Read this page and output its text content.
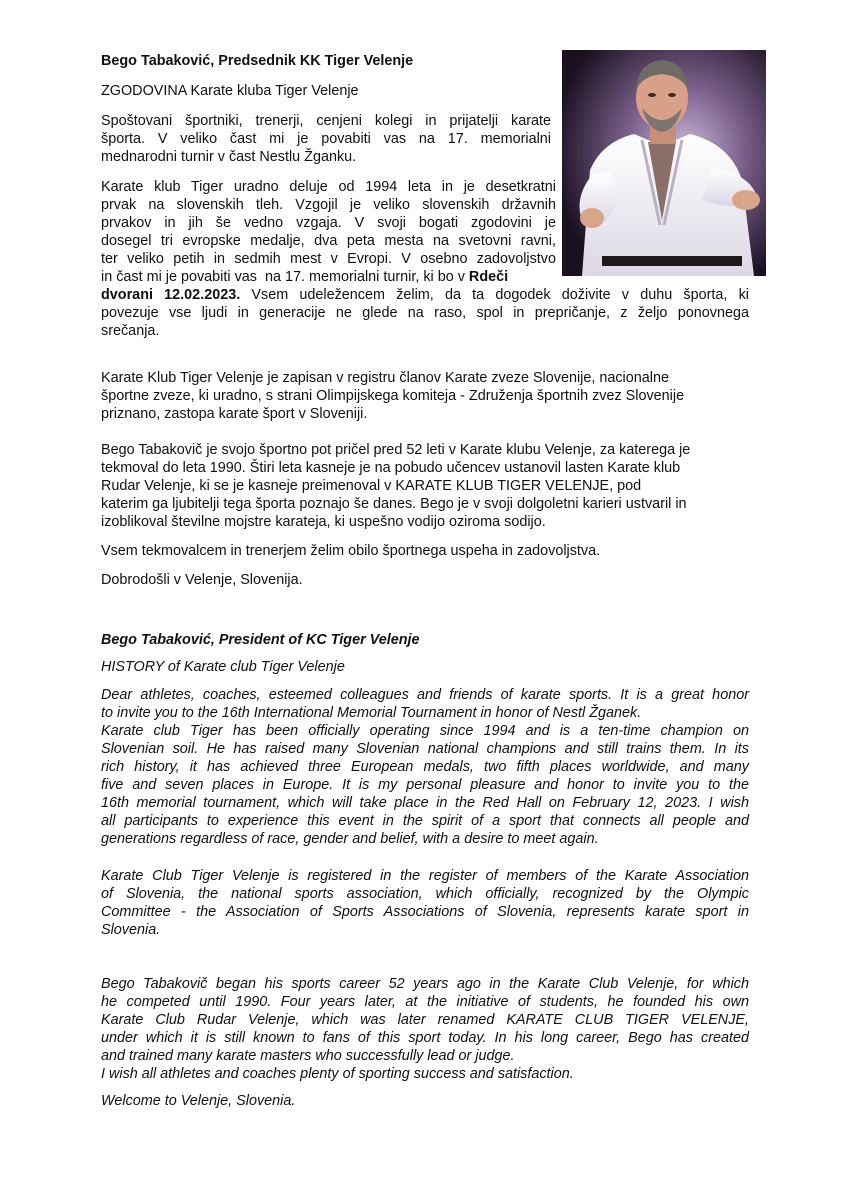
Bego Tabaković, Predsednik KK Tiger Velenje

ZGODOVINA Karate kluba Tiger Velenje

Spoštovani športniki, trenerji, cenjeni kolegi in prijatelji karate
športa. V veliko čast mi je povabiti vas na 17. memorialni
mednarodni turnir v čast Nestlu Žganku.
Karate klub Tiger uradno deluje od 1994 leta in je desetkratni
prvak na slovenskih tleh. Vzgojil je veliko slovenskih državnih
prvakov in jih še vedno vzgaja. V svoji bogati zgodovini je
dosegel tri evropske medalje, dva peta mesta na svetovni ravni,
ter veliko petih in sedmih mest v Evropi. V osebno zadovoljstvo
in čast mi je povabiti vas  na 17. memorialni turnir, ki bo v Rdeči
dvorani 12.02.2023. Vsem udeležencem želim, da ta dogodek doživite v duhu športa, ki
povezuje vse ljudi in generacije ne glede na raso, spol in prepričanje, z željo ponovnega
srečanja.
Karate Klub Tiger Velenje je zapisan v registru članov Karate zveze Slovenije, nacionalne
športne zveze, ki uradno, s strani Olimpijskega komiteja - Združenja športnih zvez Slovenije
priznano, zastopa karate šport v Sloveniji.
Bego Tabakovič je svojo športno pot pričel pred 52 leti v Karate klubu Velenje, za katerega je
tekmoval do leta 1990. Štiri leta kasneje je na pobudo učencev ustanovil lasten Karate klub
Rudar Velenje, ki se je kasneje preimenoval v KARATE KLUB TIGER VELENJE, pod
katerim ga ljubitelji tega športa poznajo še danes. Bego je v svoji dolgoletni karieri ustvaril in
izoblikoval številne mojstre karateja, ki uspešno vodijo oziroma sodijo.

Vsem tekmovalcem in trenerjem želim obilo športnega uspeha in zadovoljstva.

Dobrodošli v Velenje, Slovenija.

Bego Tabaković, President of KC Tiger Velenje

HISTORY of Karate club Tiger Velenje

Dear athletes, coaches, esteemed colleagues and friends of karate sports. It is a great honor
to invite you to the 16th International Memorial Tournament in honor of Nestl Žganek.
Karate club Tiger has been officially operating since 1994 and is a ten-time champion on
Slovenian soil. He has raised many Slovenian national champions and still trains them. In its
rich history, it has achieved three European medals, two fifth places worldwide, and many
five and seven places in Europe. It is my personal pleasure and honor to invite you to the
16th memorial tournament, which will take place in the Red Hall on February 12, 2023. I wish
all participants to experience this event in the spirit of a sport that connects all people and
generations regardless of race, gender and belief, with a desire to meet again.
Karate Club Tiger Velenje is registered in the register of members of the Karate Association
of Slovenia, the national sports association, which officially, recognized by the Olympic
Committee - the Association of Sports Associations of Slovenia, represents karate sport in
Slovenia.
Bego Tabakovič began his sports career 52 years ago in the Karate Club Velenje, for which
he competed until 1990. Four years later, at the initiative of students, he founded his own
Karate Club Rudar Velenje, which was later renamed KARATE CLUB TIGER VELENJE,
under which it is still known to fans of this sport today. In his long career, Bego has created
and trained many karate masters who successfully lead or judge.
I wish all athletes and coaches plenty of sporting success and satisfaction.

Welcome to Velenje, Slovenia.
